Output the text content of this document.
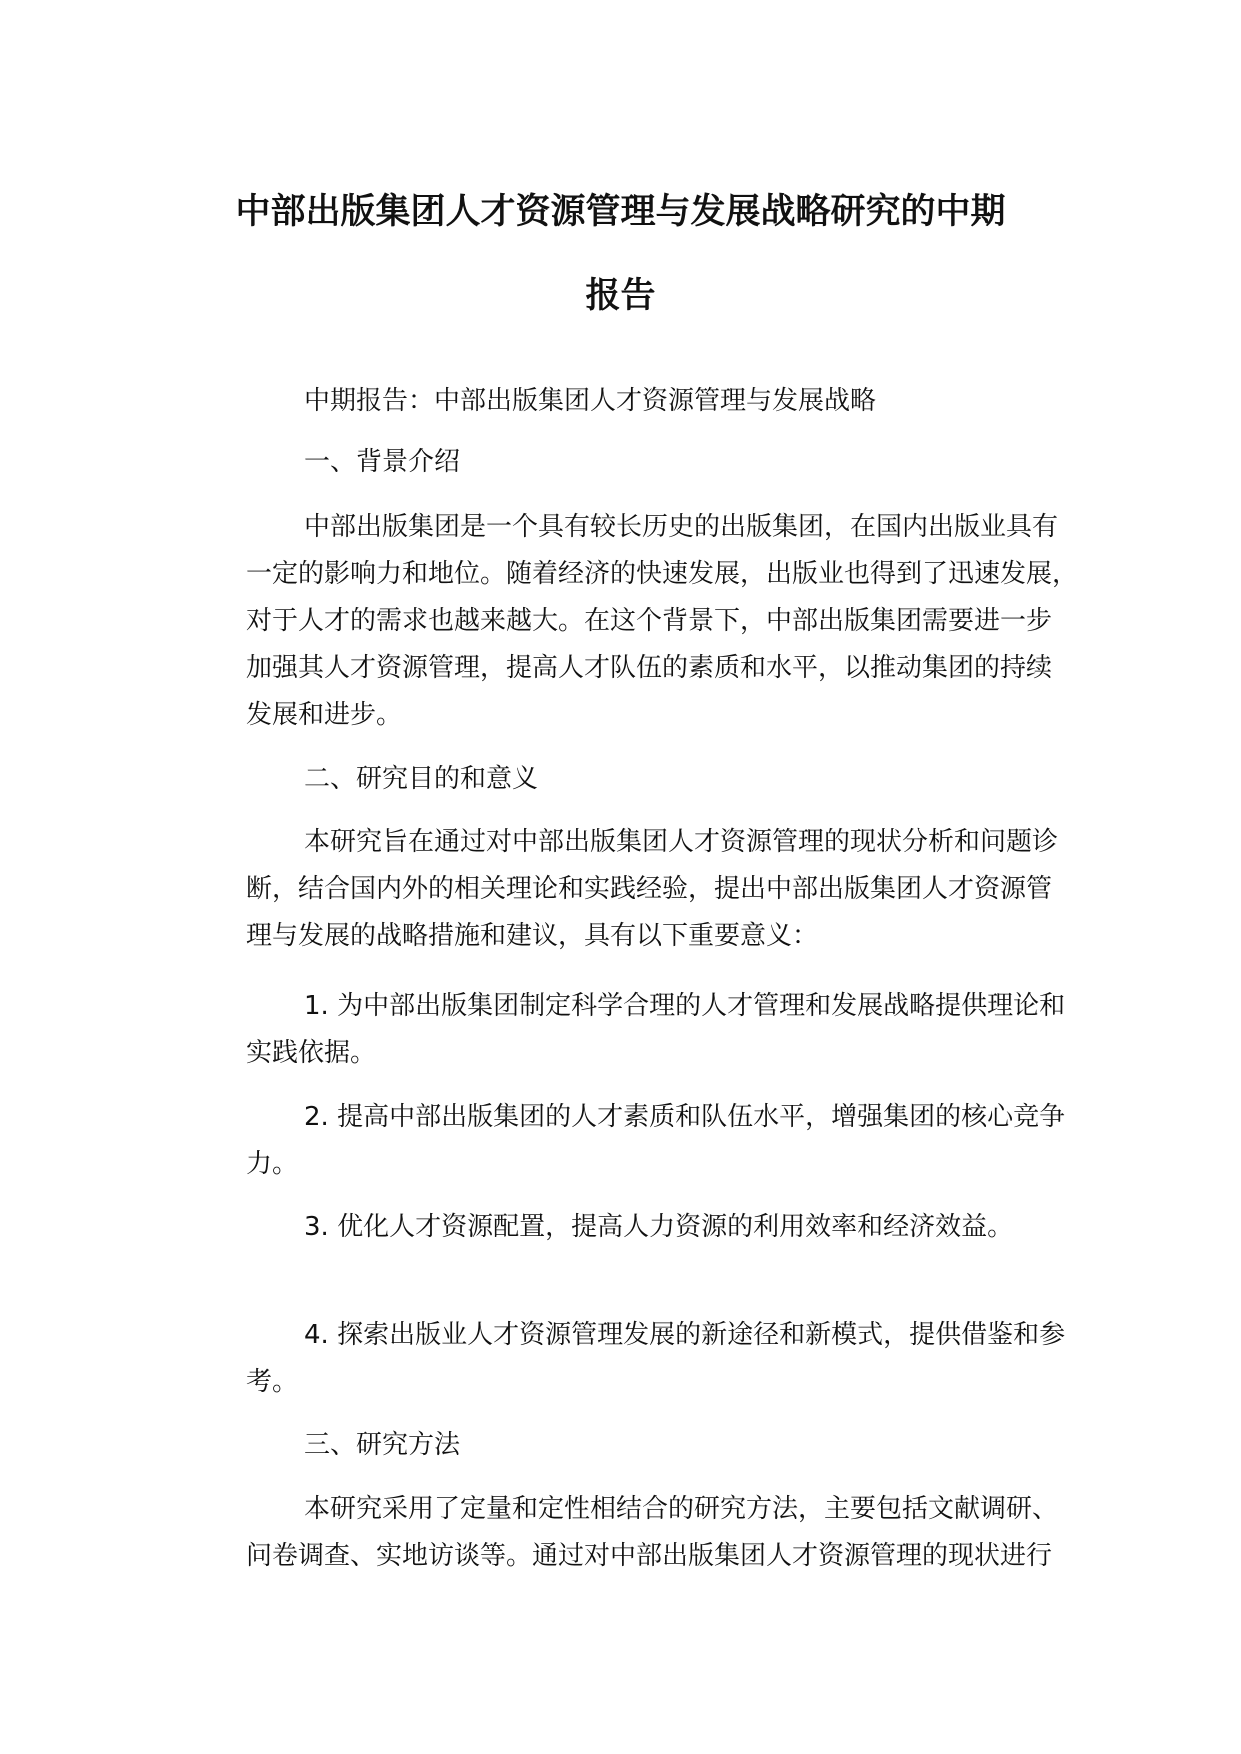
中部出版集团人才资源管理与发展战略研究的中期
报告
中期报告：中部出版集团人才资源管理与发展战略
一、背景介绍
中部出版集团是一个具有较长历史的出版集团，在国内出版业具有
一定的影响力和地位。随着经济的快速发展，出版业也得到了迅速发展，
对于人才的需求也越来越大。在这个背景下，中部出版集团需要进一步
加强其人才资源管理，提高人才队伍的素质和水平，以推动集团的持续
发展和进步。
二、研究目的和意义
本研究旨在通过对中部出版集团人才资源管理的现状分析和问题诊
断，结合国内外的相关理论和实践经验，提出中部出版集团人才资源管
理与发展的战略措施和建议，具有以下重要意义：
1. 为中部出版集团制定科学合理的人才管理和发展战略提供理论和
实践依据。
2. 提高中部出版集团的人才素质和队伍水平，增强集团的核心竞争
力。
3. 优化人才资源配置，提高人力资源的利用效率和经济效益。
4. 探索出版业人才资源管理发展的新途径和新模式，提供借鉴和参
考。
三、研究方法
本研究采用了定量和定性相结合的研究方法，主要包括文献调研、
问卷调查、实地访谈等。通过对中部出版集团人才资源管理的现状进行
